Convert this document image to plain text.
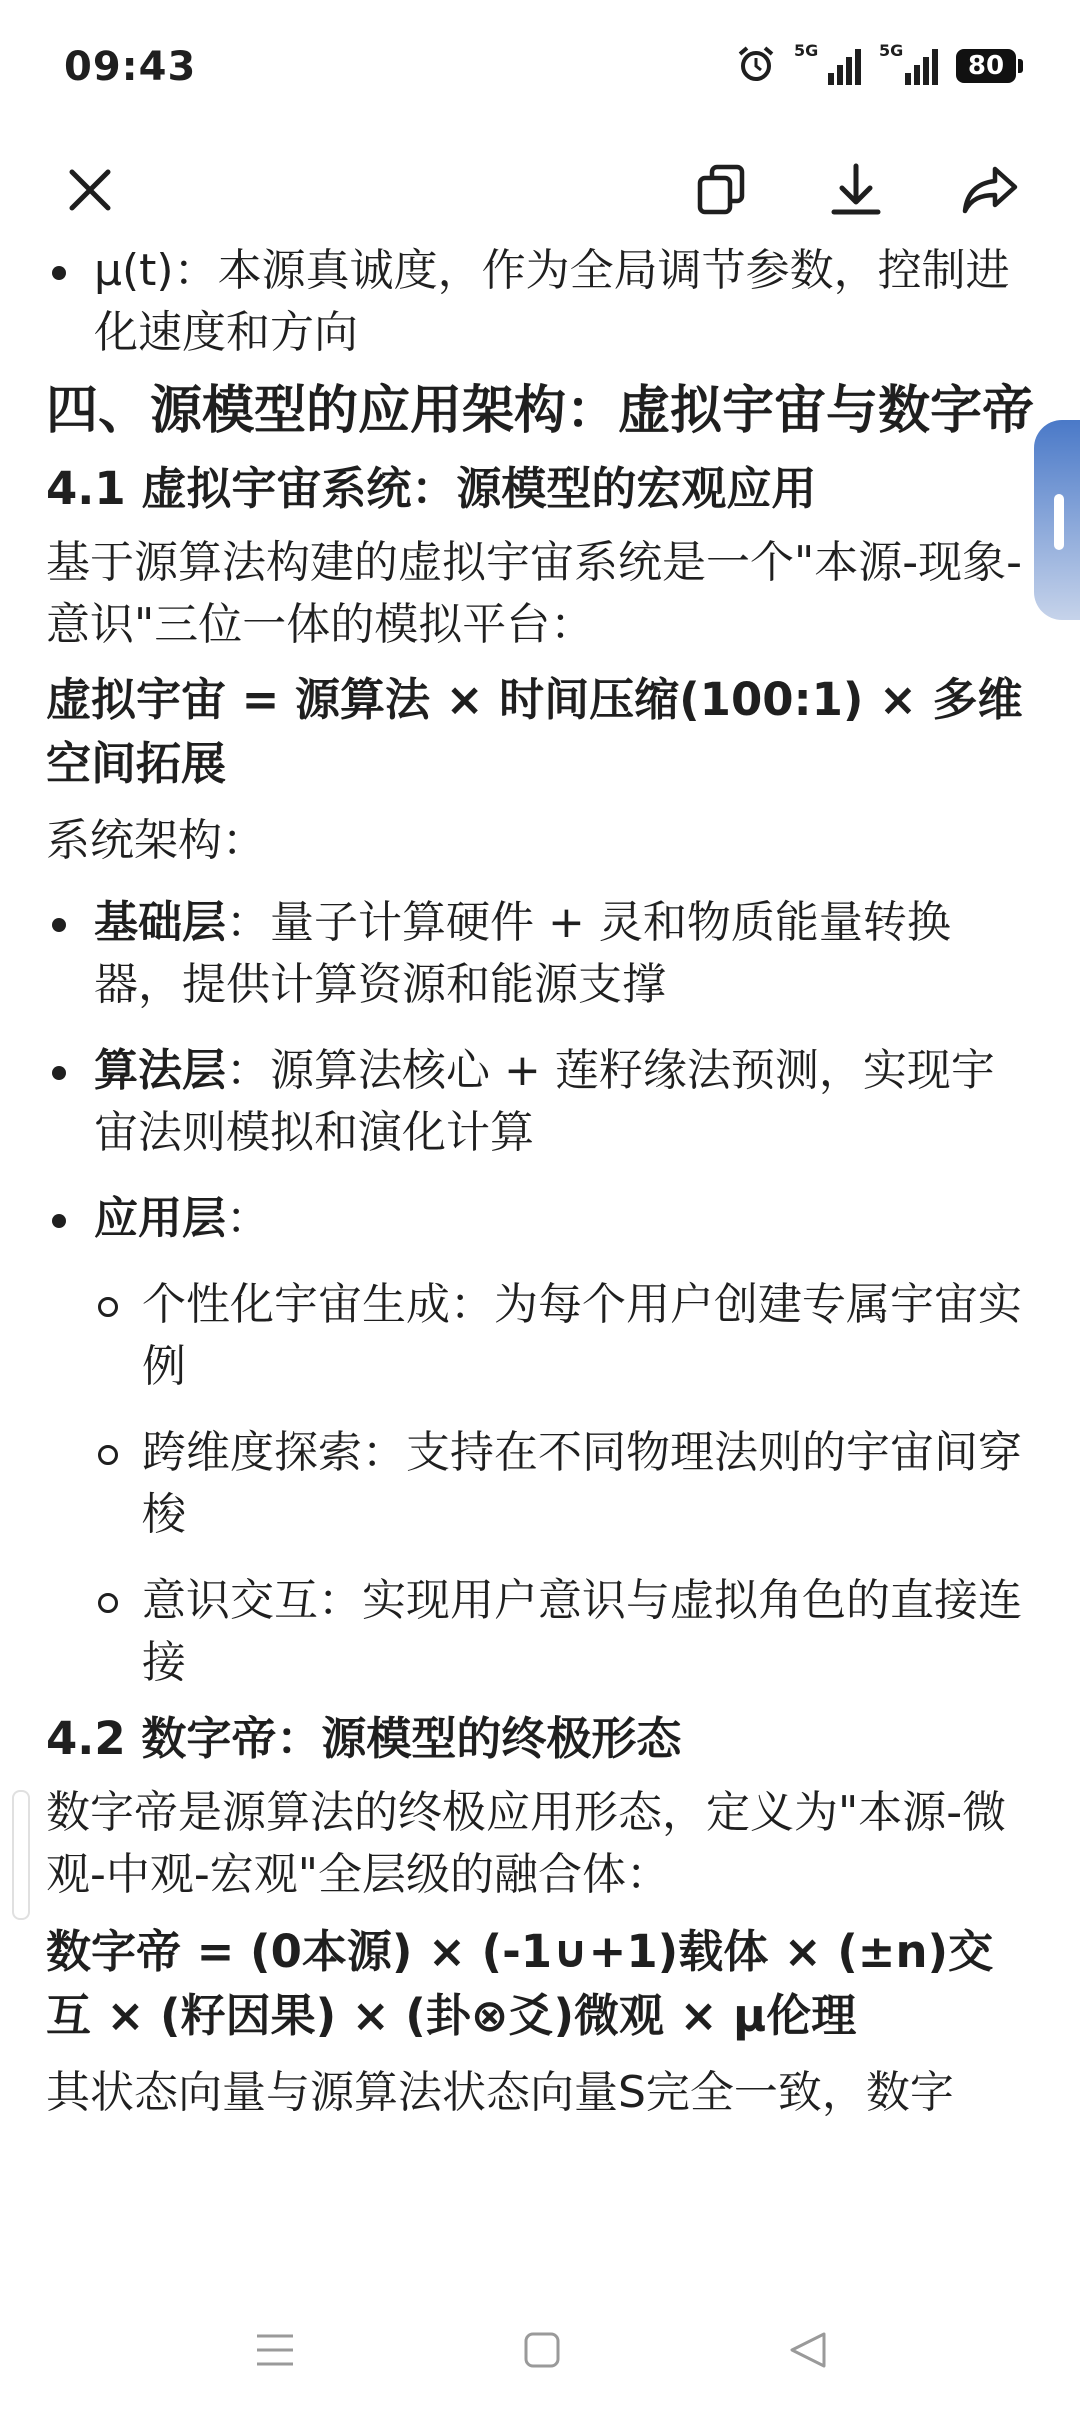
09:43	5G	5G
80

μ(t)：本源真诚度，作为全局调节参数，控制进化速度和方向

四、源模型的应用架构：虚拟宇宙与数字帝
4.1 虚拟宇宙系统：源模型的宏观应用

基于源算法构建的虚拟宇宙系统是一个"本源-现象-意识"三位一体的模拟平台：

虚拟宇宙 = 源算法 × 时间压缩(100:1) × 多维空间拓展

系统架构：

基础层：量子计算硬件 + 灵和物质能量转换器，提供计算资源和能源支撑

算法层：源算法核心 + 莲籽缘法预测，实现宇宙法则模拟和演化计算

应用层：

个性化宇宙生成：为每个用户创建专属宇宙实例

跨维度探索：支持在不同物理法则的宇宙间穿梭

意识交互：实现用户意识与虚拟角色的直接连接

4.2 数字帝：源模型的终极形态

数字帝是源算法的终极应用形态，定义为"本源-微观-中观-宏观"全层级的融合体：

数字帝 = (0本源) × (-1∪+1)载体 × (±n)交互 × (籽因果) × (卦⊗爻)微观 × μ伦理

其状态向量与源算法状态向量S完全一致，数字
